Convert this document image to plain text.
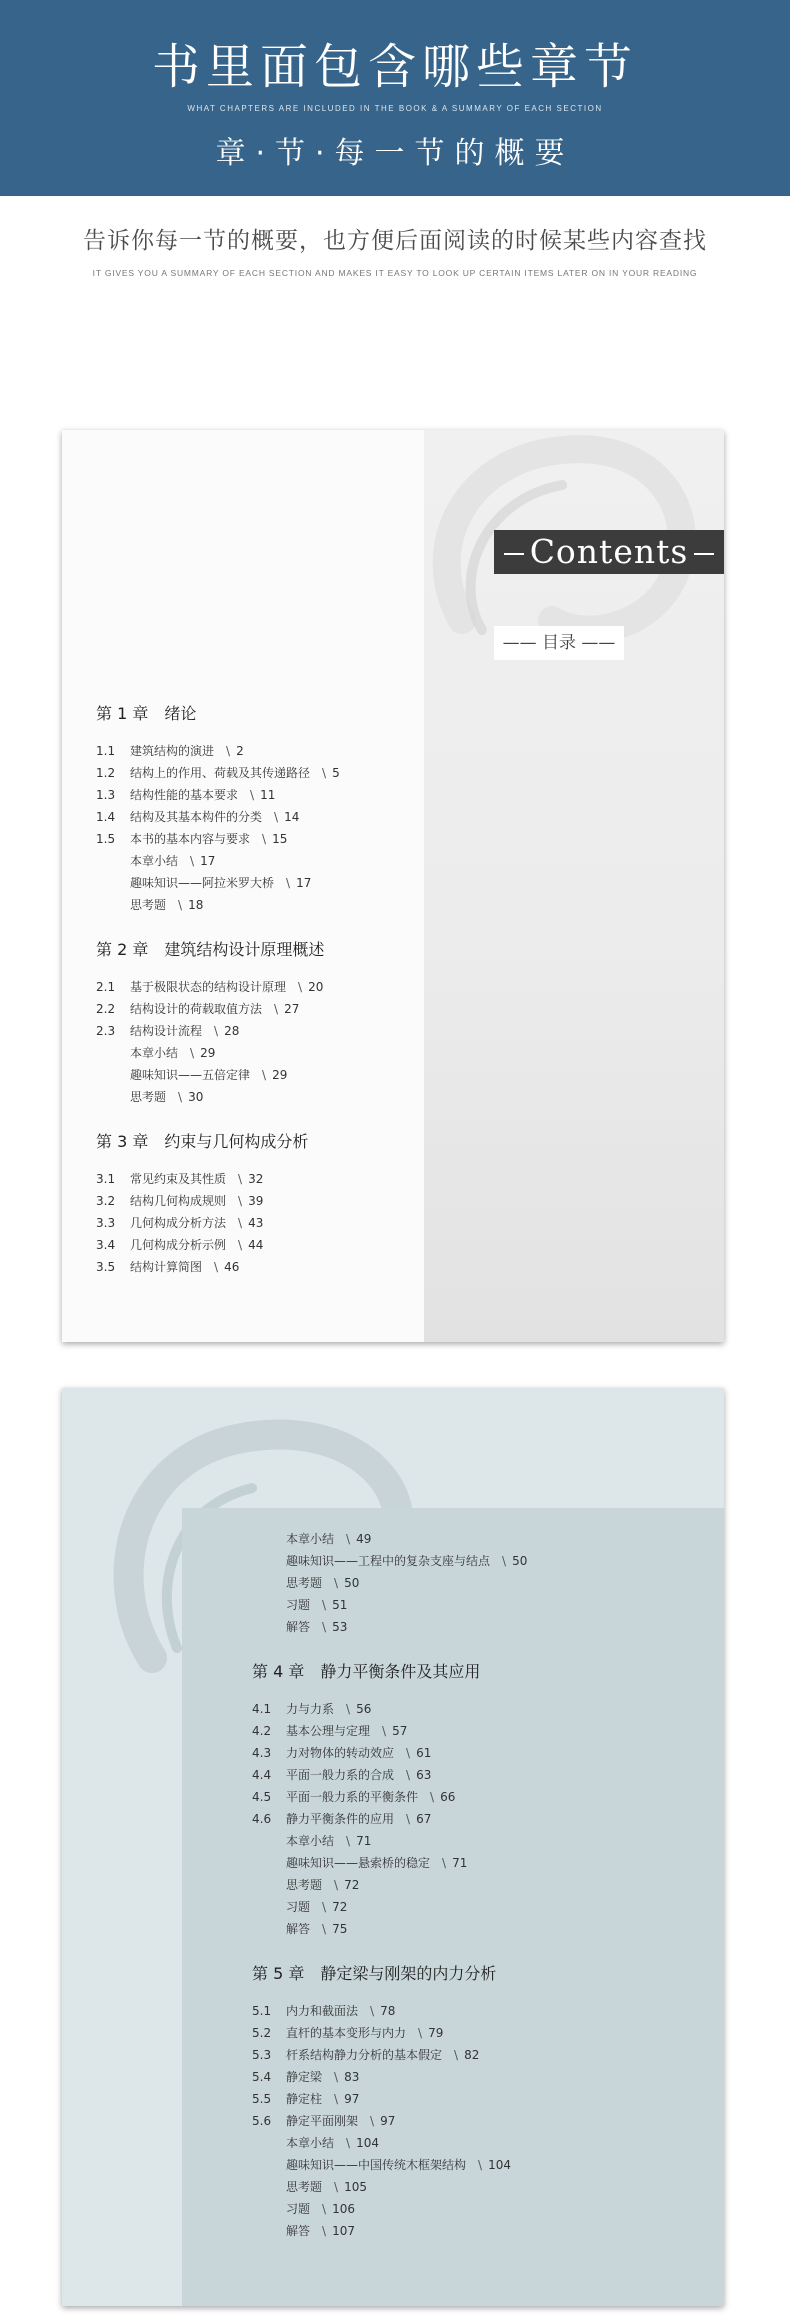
书里面包含哪些章节
WHAT CHAPTERS ARE INCLUDED IN THE BOOK & A SUMMARY OF EACH SECTION
章·节·每一节的概要
告诉你每一节的概要，也方便后面阅读的时候某些内容查找
IT GIVES YOU A SUMMARY OF EACH SECTION AND MAKES IT EASY TO LOOK UP CERTAIN ITEMS LATER ON IN YOUR READING
Contents
—— 目录 ——
第 1 章　绪论
1.1 建筑结构的演进 \ 2
1.2 结构上的作用、荷载及其传递路径 \ 5
1.3 结构性能的基本要求 \ 11
1.4 结构及其基本构件的分类 \ 14
1.5 本书的基本内容与要求 \ 15
本章小结 \ 17
趣味知识——阿拉米罗大桥 \ 17
思考题 \ 18
第 2 章　建筑结构设计原理概述
2.1 基于极限状态的结构设计原理 \ 20
2.2 结构设计的荷载取值方法 \ 27
2.3 结构设计流程 \ 28
本章小结 \ 29
趣味知识——五倍定律 \ 29
思考题 \ 30
第 3 章　约束与几何构成分析
3.1 常见约束及其性质 \ 32
3.2 结构几何构成规则 \ 39
3.3 几何构成分析方法 \ 43
3.4 几何构成分析示例 \ 44
3.5 结构计算简图 \ 46
本章小结 \ 49
趣味知识——工程中的复杂支座与结点 \ 50
思考题 \ 50
习题 \ 51
解答 \ 53
第 4 章　静力平衡条件及其应用
4.1 力与力系 \ 56
4.2 基本公理与定理 \ 57
4.3 力对物体的转动效应 \ 61
4.4 平面一般力系的合成 \ 63
4.5 平面一般力系的平衡条件 \ 66
4.6 静力平衡条件的应用 \ 67
本章小结 \ 71
趣味知识——悬索桥的稳定 \ 71
思考题 \ 72
习题 \ 72
解答 \ 75
第 5 章　静定梁与刚架的内力分析
5.1 内力和截面法 \ 78
5.2 直杆的基本变形与内力 \ 79
5.3 杆系结构静力分析的基本假定 \ 82
5.4 静定梁 \ 83
5.5 静定柱 \ 97
5.6 静定平面刚架 \ 97
本章小结 \ 104
趣味知识——中国传统木框架结构 \ 104
思考题 \ 105
习题 \ 106
解答 \ 107
